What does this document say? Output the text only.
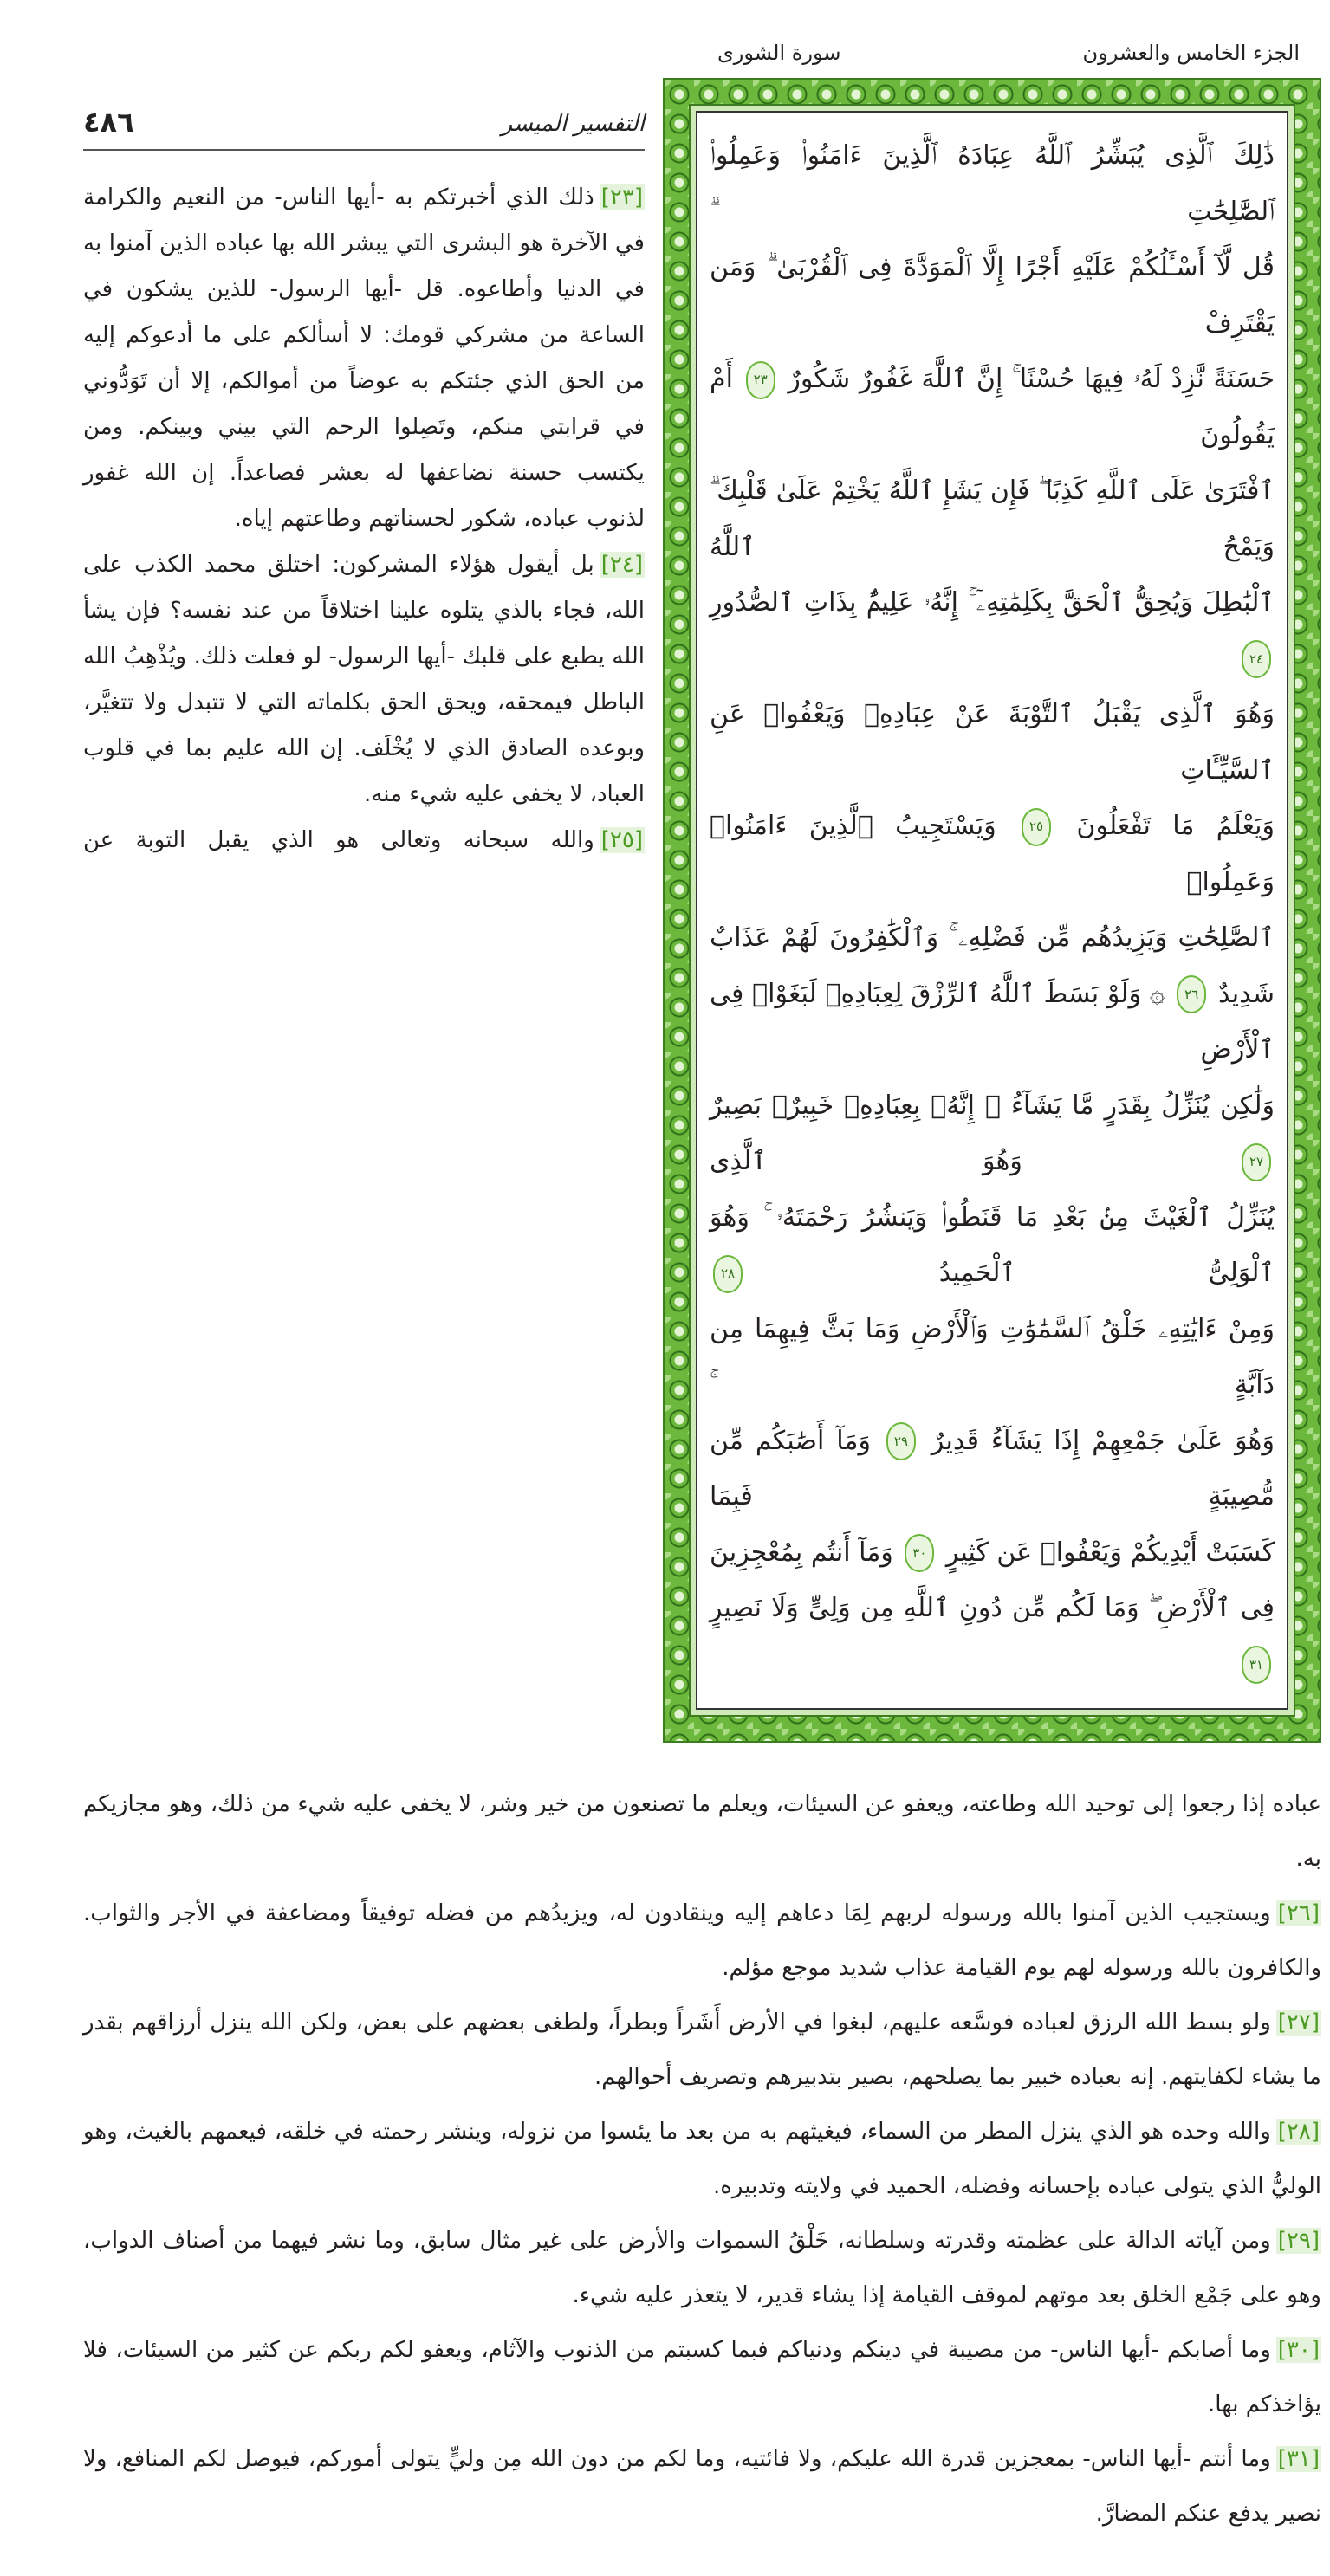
الجزء الخامس والعشرون
سورة الشورى
التفسير الميسر
٤٨٦

[٢٣]ذلك الذي أخبرتكم به -أيها الناس- من النعيم والكرامة في الآخرة هو البشرى التي يبشر الله بها عباده الذين آمنوا به في الدنيا وأطاعوه. قل -أيها الرسول- للذين يشكون في الساعة من مشركي قومك: لا أسألكم على ما أدعوكم إليه من الحق الذي جئتكم به عوضاً من أموالكم، إلا أن تَوَدُّوني في قرابتي منكم، وتَصِلوا الرحم التي بيني وبينكم. ومن يكتسب حسنة نضاعفها له بعشر فصاعداً. إن الله غفور لذنوب عباده، شكور لحسناتهم وطاعتهم إياه.

[٢٤]بل أيقول هؤلاء المشركون: اختلق محمد الكذب على الله، فجاء بالذي يتلوه علينا اختلاقاً من عند نفسه؟ فإن يشأ الله يطبع على قلبك -أيها الرسول- لو فعلت ذلك. ويُذْهِبُ الله الباطل فيمحقه، ويحق الحق بكلماته التي لا تتبدل ولا تتغيَّر، وبوعده الصادق الذي لا يُخْلَف. إن الله عليم بما في قلوب العباد، لا يخفى عليه شيء منه.

[٢٥]والله سبحانه وتعالى هو الذي يقبل التوبة عن

ذَٰلِكَ ٱلَّذِى يُبَشِّرُ ٱللَّهُ عِبَادَهُ ٱلَّذِينَ ءَامَنُوا۟ وَعَمِلُوا۟ ٱلصَّٰلِحَٰتِ ۗ
قُل لَّآ أَسْـَٔلُكُمْ عَلَيْهِ أَجْرًا إِلَّا ٱلْمَوَدَّةَ فِى ٱلْقُرْبَىٰ ۗ وَمَن يَقْتَرِفْ
حَسَنَةً نَّزِدْ لَهُۥ فِيهَا حُسْنًا ۚ إِنَّ ٱللَّهَ غَفُورٌ شَكُورٌ ٢٣ أَمْ يَقُولُونَ
ٱفْتَرَىٰ عَلَى ٱللَّهِ كَذِبًا ۖ فَإِن يَشَإِ ٱللَّهُ يَخْتِمْ عَلَىٰ قَلْبِكَ ۗ وَيَمْحُ ٱللَّهُ
ٱلْبَٰطِلَ وَيُحِقُّ ٱلْحَقَّ بِكَلِمَٰتِهِۦٓ ۚ إِنَّهُۥ عَلِيمٌۢ بِذَاتِ ٱلصُّدُورِ ٢٤
وَهُوَ ٱلَّذِى يَقْبَلُ ٱلتَّوْبَةَ عَنْ عِبَادِهِۦ وَيَعْفُوا۟ عَنِ ٱلسَّيِّـَٔاتِ
وَيَعْلَمُ مَا تَفْعَلُونَ ٢٥ وَيَسْتَجِيبُ ٱلَّذِينَ ءَامَنُوا۟ وَعَمِلُوا۟
ٱلصَّٰلِحَٰتِ وَيَزِيدُهُم مِّن فَضْلِهِۦ ۚ وَٱلْكَٰفِرُونَ لَهُمْ عَذَابٌ
شَدِيدٌ ٢٦ ۞ وَلَوْ بَسَطَ ٱللَّهُ ٱلرِّزْقَ لِعِبَادِهِۦ لَبَغَوْا۟ فِى ٱلْأَرْضِ
وَلَٰكِن يُنَزِّلُ بِقَدَرٍ مَّا يَشَآءُ ۚ إِنَّهُۥ بِعِبَادِهِۦ خَبِيرٌۢ بَصِيرٌ ٢٧ وَهُوَ ٱلَّذِى
يُنَزِّلُ ٱلْغَيْثَ مِنۢ بَعْدِ مَا قَنَطُوا۟ وَيَنشُرُ رَحْمَتَهُۥ ۚ وَهُوَ ٱلْوَلِىُّ ٱلْحَمِيدُ ٢٨
وَمِنْ ءَايَٰتِهِۦ خَلْقُ ٱلسَّمَٰوَٰتِ وَٱلْأَرْضِ وَمَا بَثَّ فِيهِمَا مِن دَآبَّةٍ ۚ
وَهُوَ عَلَىٰ جَمْعِهِمْ إِذَا يَشَآءُ قَدِيرٌ ٢٩ وَمَآ أَصَٰبَكُم مِّن مُّصِيبَةٍ فَبِمَا
كَسَبَتْ أَيْدِيكُمْ وَيَعْفُوا۟ عَن كَثِيرٍ ٣٠ وَمَآ أَنتُم بِمُعْجِزِينَ
فِى ٱلْأَرْضِ ۖ وَمَا لَكُم مِّن دُونِ ٱللَّهِ مِن وَلِىٍّ وَلَا نَصِيرٍ ٣١

عباده إذا رجعوا إلى توحيد الله وطاعته، ويعفو عن السيئات، ويعلم ما تصنعون من خير وشر، لا يخفى عليه شيء من ذلك، وهو مجازيكم به.

[٢٦]ويستجيب الذين آمنوا بالله ورسوله لربهم لِمَا دعاهم إليه وينقادون له، ويزيدُهم من فضله توفيقاً ومضاعفة في الأجر والثواب. والكافرون بالله ورسوله لهم يوم القيامة عذاب شديد موجع مؤلم.

[٢٧]ولو بسط الله الرزق لعباده فوسَّعه عليهم، لبغوا في الأرض أَشَراً وبطراً، ولطغى بعضهم على بعض، ولكن الله ينزل أرزاقهم بقدر ما يشاء لكفايتهم. إنه بعباده خبير بما يصلحهم، بصير بتدبيرهم وتصريف أحوالهم.

[٢٨]والله وحده هو الذي ينزل المطر من السماء، فيغيثهم به من بعد ما يئسوا من نزوله، وينشر رحمته في خلقه، فيعمهم بالغيث، وهو الوليُّ الذي يتولى عباده بإحسانه وفضله، الحميد في ولايته وتدبيره.

[٢٩]ومن آياته الدالة على عظمته وقدرته وسلطانه، خَلْقُ السموات والأرض على غير مثال سابق، وما نشر فيهما من أصناف الدواب، وهو على جَمْع الخلق بعد موتهم لموقف القيامة إذا يشاء قدير، لا يتعذر عليه شيء.

[٣٠]وما أصابكم -أيها الناس- من مصيبة في دينكم ودنياكم فبما كسبتم من الذنوب والآثام، ويعفو لكم ربكم عن كثير من السيئات، فلا يؤاخذكم بها.

[٣١]وما أنتم -أيها الناس- بمعجزين قدرة الله عليكم، ولا فائتيه، وما لكم من دون الله مِن وليٍّ يتولى أموركم، فيوصل لكم المنافع، ولا نصير يدفع عنكم المضارَّ.
